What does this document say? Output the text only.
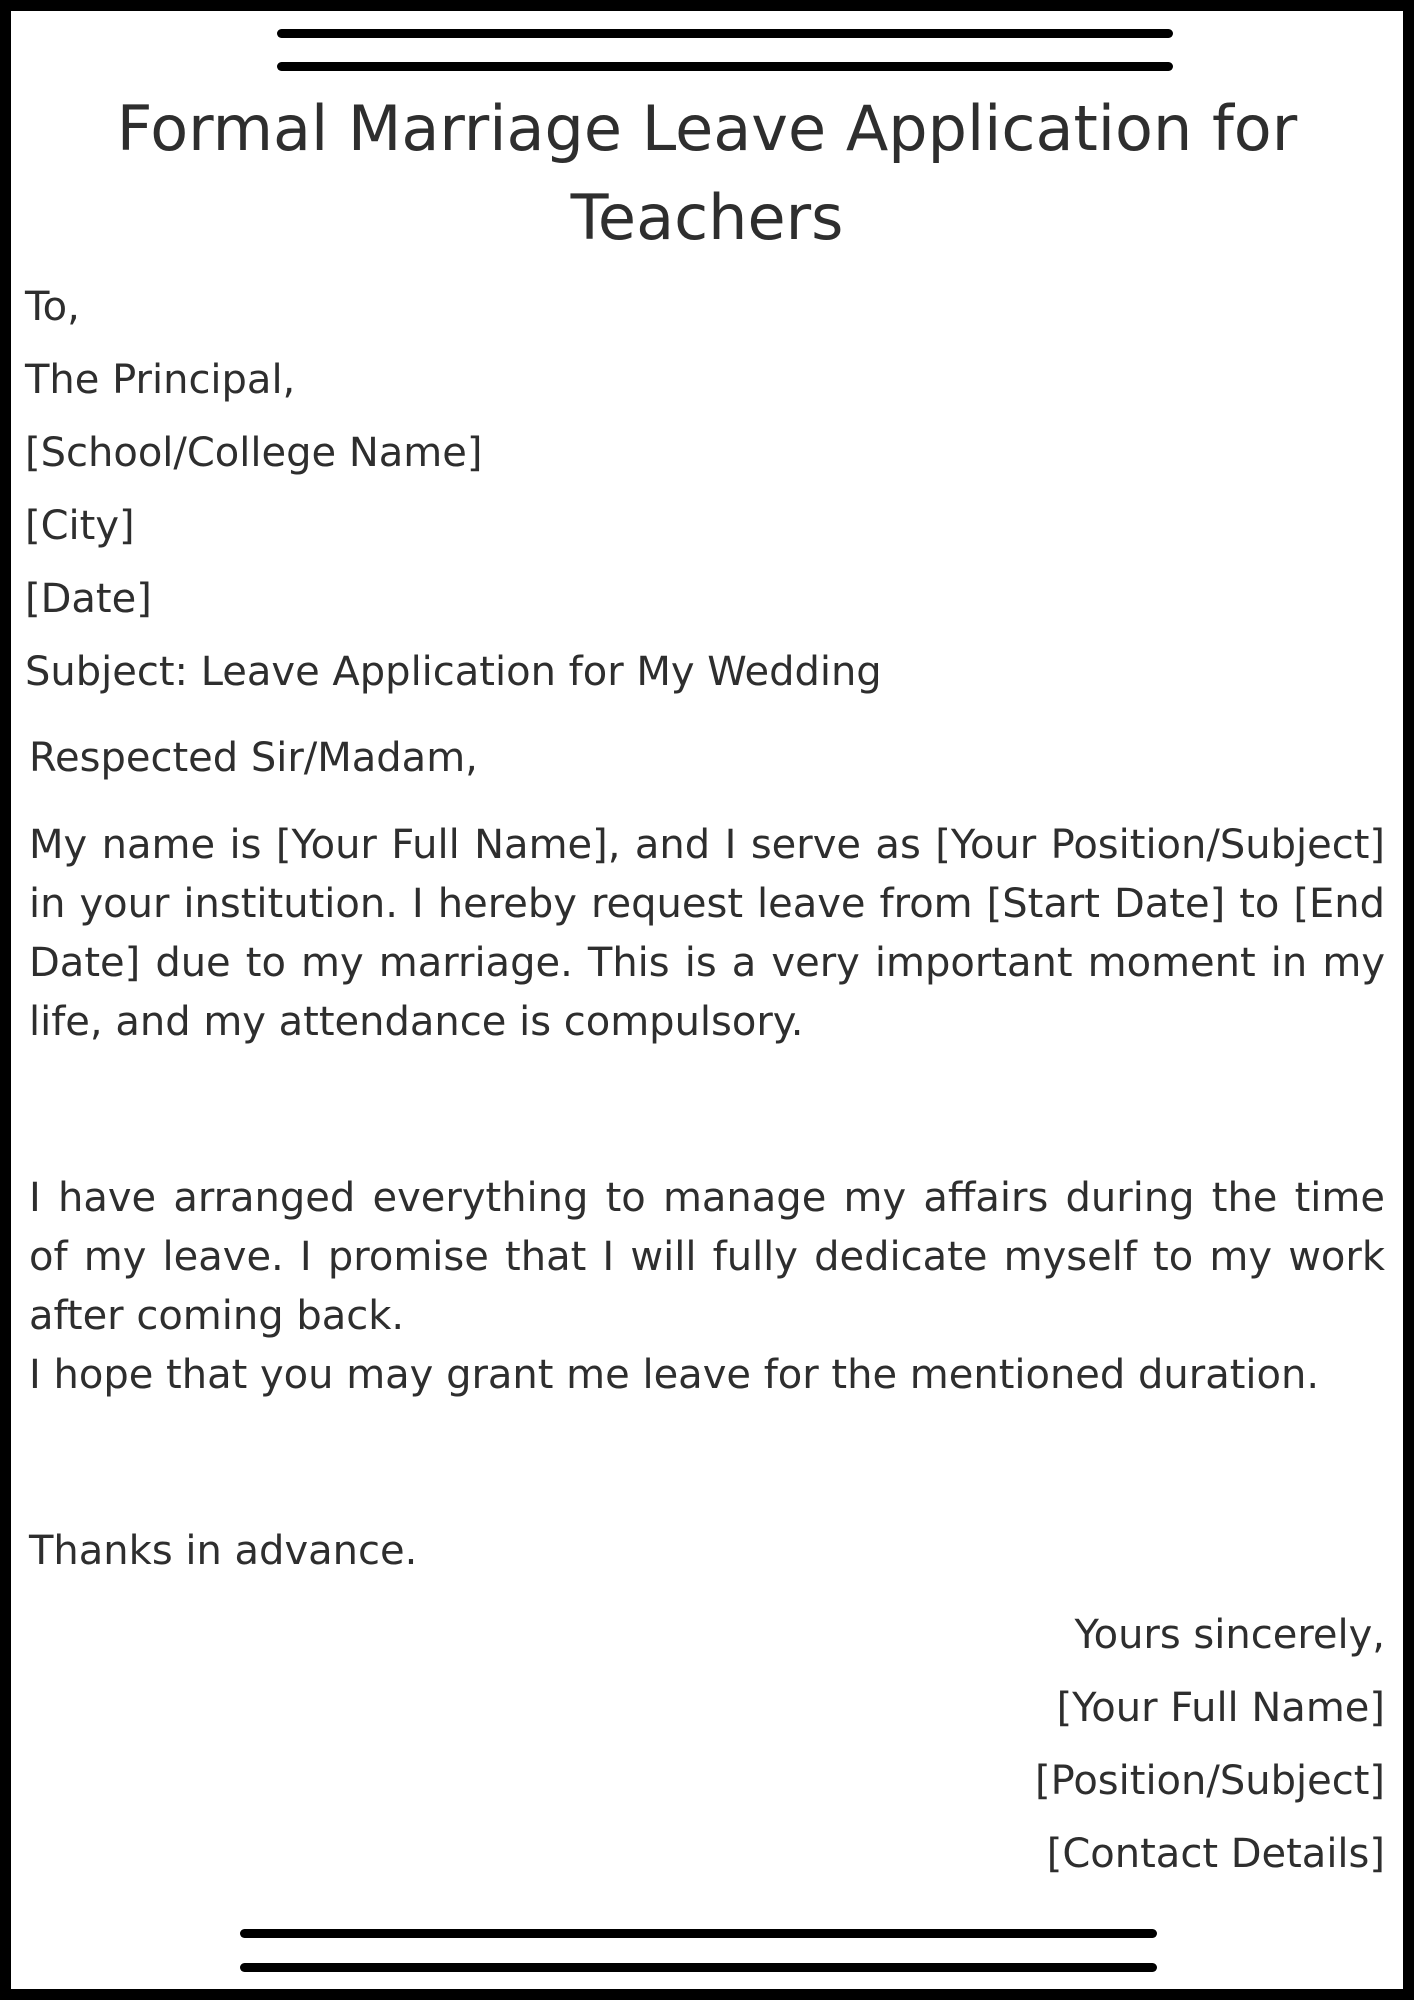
Formal Marriage Leave Application for Teachers
To,
The Principal,
[School/College Name]
[City]
[Date]
Subject: Leave Application for My Wedding
Respected Sir/Madam,

My name is [Your Full Name], and I serve as [Your Position/Subject] in your institution. I hereby request leave from [Start Date] to [End Date] due to my marriage. This is a very important moment in my life, and my attendance is compulsory.

I have arranged everything to manage my affairs during the time of my leave. I promise that I will fully dedicate myself to my work after coming back.

I hope that you may grant me leave for the mentioned duration.

Thanks in advance.

Yours sincerely,
[Your Full Name]
[Position/Subject]
[Contact Details]
